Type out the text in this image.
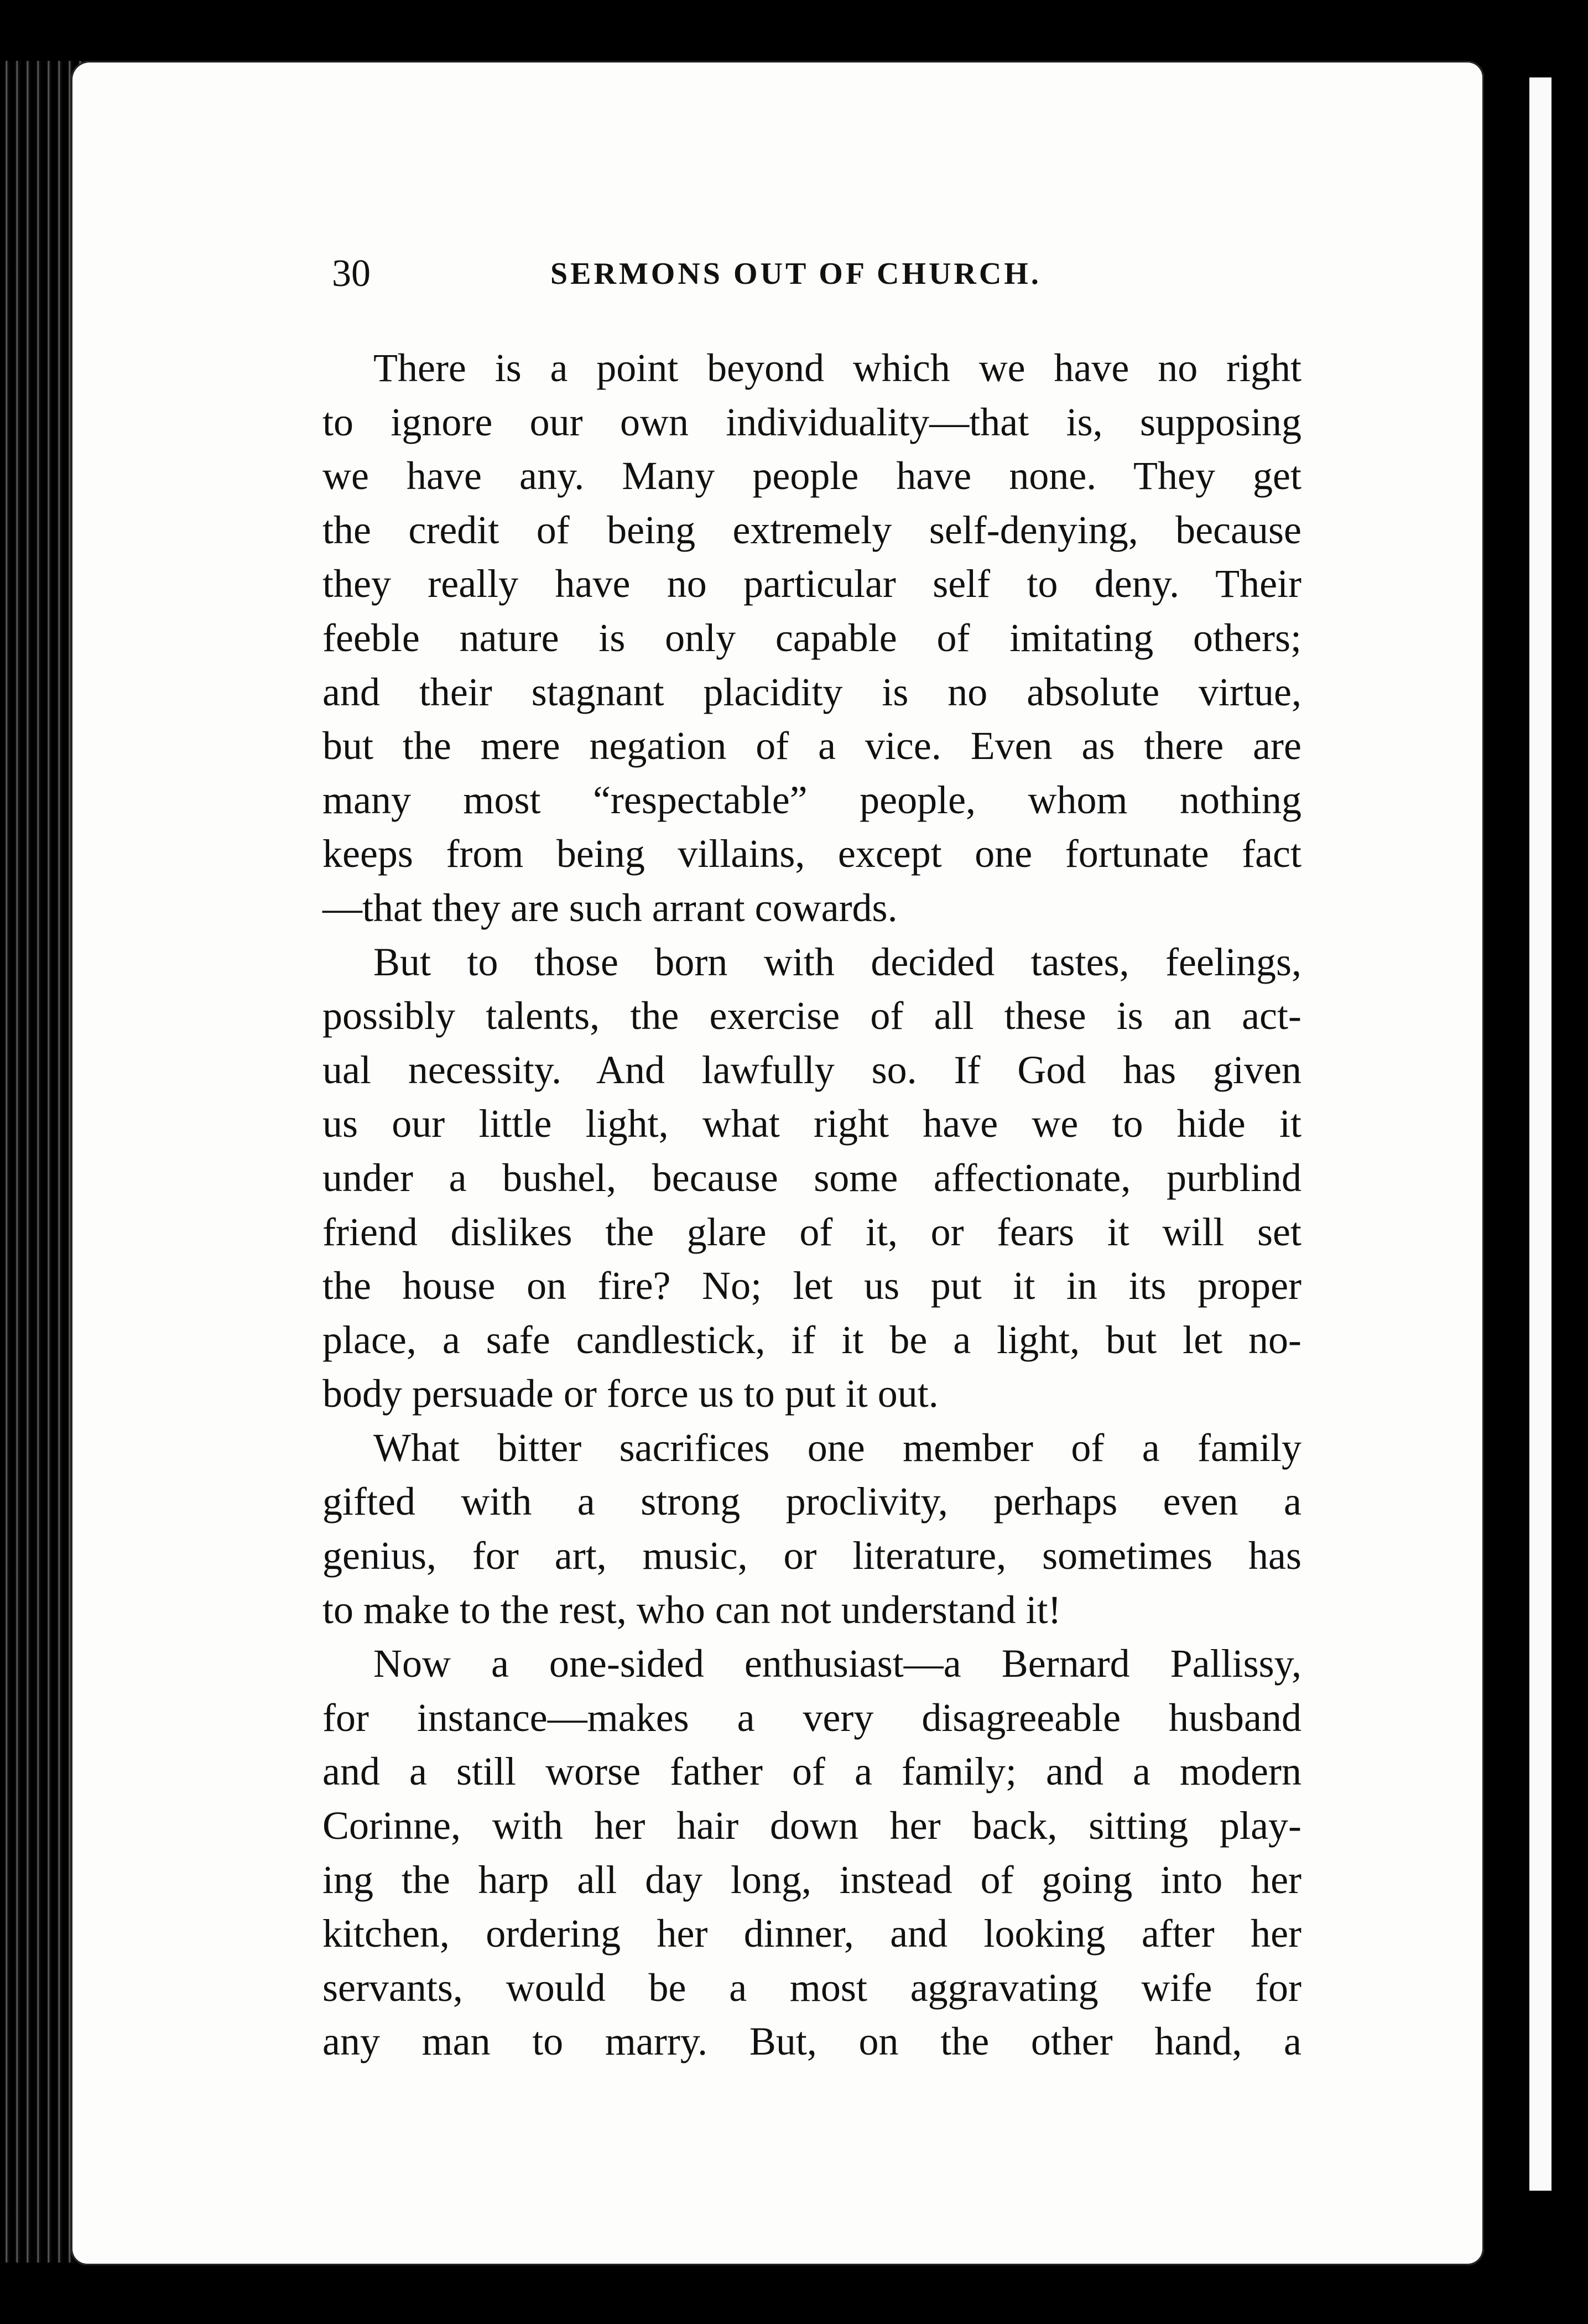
30	SERMONS OUT OF CHURCH.
There is a point beyond which we have no right
to ignore our own individuality—that is, supposing
we have any. Many people have none. They get
the credit of being extremely self-denying, because
they really have no particular self to deny. Their
feeble nature is only capable of imitating others;
and their stagnant placidity is no absolute virtue,
but the mere negation of a vice. Even as there are
many most “respectable” people, whom nothing
keeps from being villains, except one fortunate fact
—that they are such arrant cowards.
But to those born with decided tastes, feelings,
possibly talents, the exercise of all these is an act-
ual necessity. And lawfully so. If God has given
us our little light, what right have we to hide it
under a bushel, because some affectionate, purblind
friend dislikes the glare of it, or fears it will set
the house on fire? No; let us put it in its proper
place, a safe candlestick, if it be a light, but let no-
body persuade or force us to put it out.
What bitter sacrifices one member of a family
gifted with a strong proclivity, perhaps even a
genius, for art, music, or literature, sometimes has
to make to the rest, who can not understand it!
Now a one-sided enthusiast—a Bernard Pallissy,
for instance—makes a very disagreeable husband
and a still worse father of a family; and a modern
Corinne, with her hair down her back, sitting play-
ing the harp all day long, instead of going into her
kitchen, ordering her dinner, and looking after her
servants, would be a most aggravating wife for
any man to marry. But, on the other hand, a
